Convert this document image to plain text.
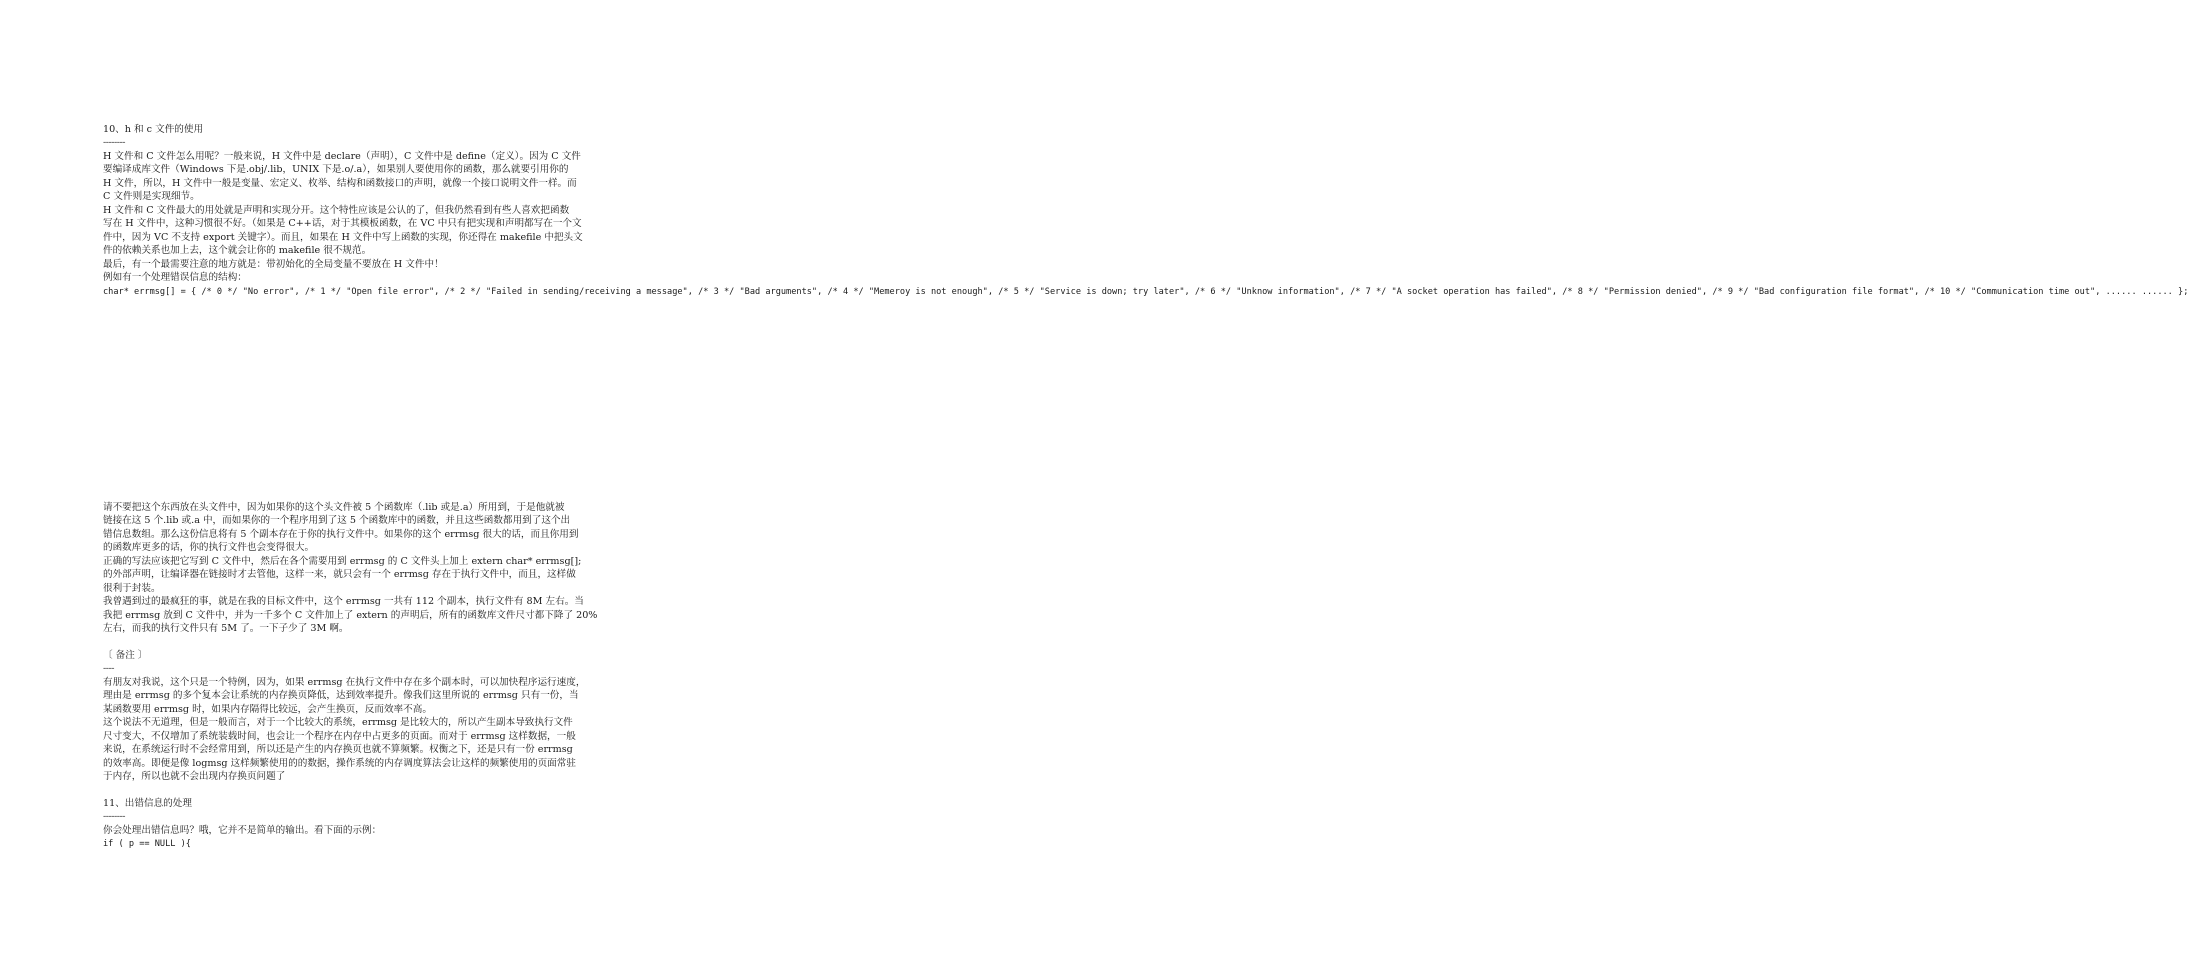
10、h 和 c 文件的使用
--------
H 文件和 C 文件怎么用呢？一般来说，H 文件中是 declare（声明），C 文件中是 define（定义）。因为 C 文件
要编译成库文件（Windows 下是.obj/.lib，UNIX 下是.o/.a），如果别人要使用你的函数，那么就要引用你的
H 文件，所以，H 文件中一般是变量、宏定义、枚举、结构和函数接口的声明，就像一个接口说明文件一样。而
C 文件则是实现细节。
H 文件和 C 文件最大的用处就是声明和实现分开。这个特性应该是公认的了，但我仍然看到有些人喜欢把函数
写在 H 文件中，这种习惯很不好。（如果是 C++话，对于其模板函数，在 VC 中只有把实现和声明都写在一个文
件中，因为 VC 不支持 export 关键字）。而且，如果在 H 文件中写上函数的实现，你还得在 makefile 中把头文
件的依赖关系也加上去，这个就会让你的 makefile 很不规范。
最后，有一个最需要注意的地方就是：带初始化的全局变量不要放在 H 文件中！
例如有一个处理错误信息的结构：
char* errmsg[] = { /* 0 */ "No error", /* 1 */ "Open file error", /* 2 */ "Failed in sending/receiving a message", /* 3 */ "Bad arguments", /* 4 */ "Memeroy is not enough", /* 5 */ "Service is down; try later", /* 6 */ "Unknow information", /* 7 */ "A socket operation has failed", /* 8 */ "Permission denied", /* 9 */ "Bad configuration file format", /* 10 */ "Communication time out", ...... ...... };
请不要把这个东西放在头文件中，因为如果你的这个头文件被 5 个函数库（.lib 或是.a）所用到，于是他就被
链接在这 5 个.lib 或.a 中，而如果你的一个程序用到了这 5 个函数库中的函数，并且这些函数都用到了这个出
错信息数组。那么这份信息将有 5 个副本存在于你的执行文件中。如果你的这个 errmsg 很大的话，而且你用到
的函数库更多的话，你的执行文件也会变得很大。
正确的写法应该把它写到 C 文件中，然后在各个需要用到 errmsg 的 C 文件头上加上 extern char* errmsg[];
的外部声明，让编译器在链接时才去管他，这样一来，就只会有一个 errmsg 存在于执行文件中，而且，这样做
很利于封装。
我曾遇到过的最疯狂的事，就是在我的目标文件中，这个 errmsg 一共有 112 个副本，执行文件有 8M 左右。当
我把 errmsg 放到 C 文件中，并为一千多个 C 文件加上了 extern 的声明后，所有的函数库文件尺寸都下降了 20%
左右，而我的执行文件只有 5M 了。一下子少了 3M 啊。
〔 备注 〕
----
有朋友对我说，这个只是一个特例，因为，如果 errmsg 在执行文件中存在多个副本时，可以加快程序运行速度，
理由是 errmsg 的多个复本会让系统的内存换页降低，达到效率提升。像我们这里所说的 errmsg 只有一份，当
某函数要用 errmsg 时，如果内存隔得比较远，会产生换页，反而效率不高。
这个说法不无道理，但是一般而言，对于一个比较大的系统，errmsg 是比较大的，所以产生副本导致执行文件
尺寸变大，不仅增加了系统装载时间，也会让一个程序在内存中占更多的页面。而对于 errmsg 这样数据，一般
来说，在系统运行时不会经常用到，所以还是产生的内存换页也就不算频繁。权衡之下，还是只有一份 errmsg
的效率高。即便是像 logmsg 这样频繁使用的的数据，操作系统的内存调度算法会让这样的频繁使用的页面常驻
于内存，所以也就不会出现内存换页问题了
11、出错信息的处理
--------
你会处理出错信息吗？哦，它并不是简单的输出。看下面的示例：
if ( p == NULL ){
